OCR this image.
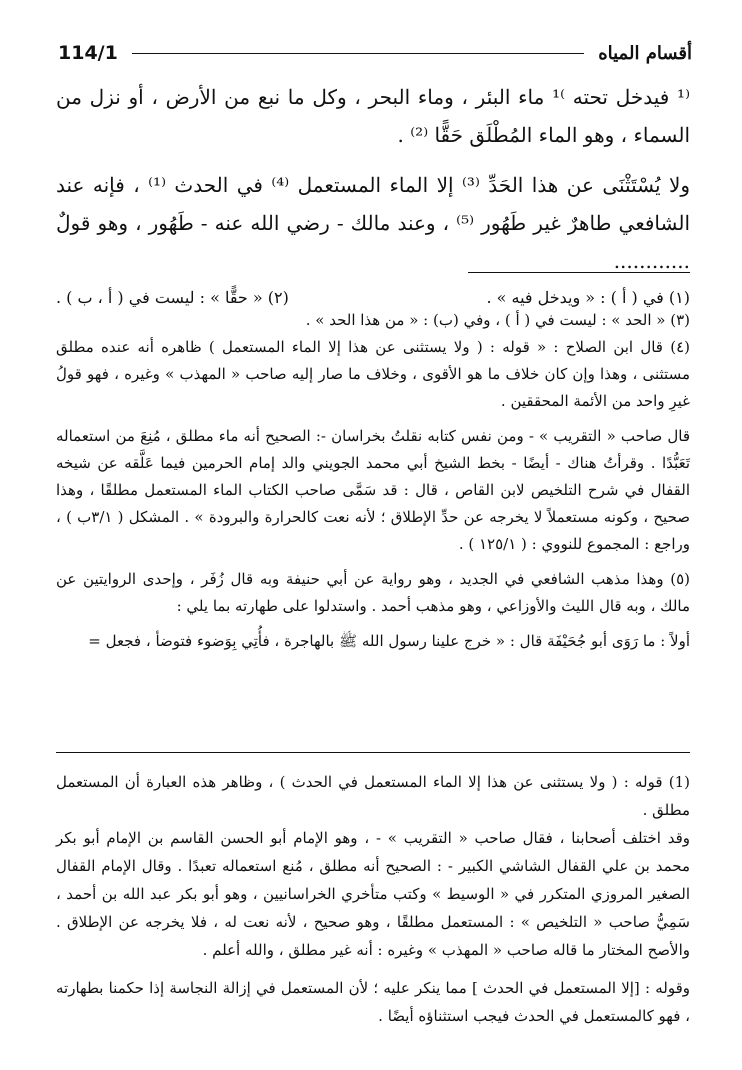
114/1	أقسام المياه

⁽¹ فيدخل تحته ⁾¹ ماء البئر ، وماء البحر ، وكل ما نبع من الأرض ، أو نزل من السماء ، وهو الماء المُطْلَق حَقًّا ⁽²⁾ .

ولا يُسْتَثْنَى عن هذا الحَدِّ ⁽³⁾ إلا الماء المستعمل ⁽⁴⁾ في الحدث ⁽¹⁾ ، فإنه عند الشافعي طاهرٌ غير طَهُور ⁽⁵⁾ ، وعند مالك - رضي الله عنه - طَهُور ، وهو قولٌ ............

(١) في ( أ ) : « ويدخل فيه » .
(٢) « حقًّا » : ليست في ( أ ، ب ) .

(٣) « الحد » : ليست في ( أ ) ، وفي (ب) : « من هذا الحد » .

(٤) قال ابن الصلاح : « قوله : ( ولا يستثنى عن هذا إلا الماء المستعمل ) ظاهره أنه عنده مطلق مستثنى ، وهذا وإن كان خلاف ما هو الأقوى ، وخلاف ما صار إليه صاحب « المهذب » وغيره ، فهو قولُ غيرِ واحد من الأئمة المحققين .

قال صاحب « التقريب » - ومن نفس كتابه نقلتُ بخراسان -: الصحيح أنه ماء مطلق ، مُنِعَ من استعماله تَعَبُّدًا . وقرأتُ هناك - أيضًا - بخط الشيخ أبي محمد الجويني والد إمام الحرمين فيما عَلَّقه عن شيخه القفال في شرح التلخيص لابن القاص ، قال : قد سَمَّى صاحب الكتاب الماء المستعمل مطلقًا ، وهذا صحيح ، وكونه مستعملاً لا يخرجه عن حدِّ الإطلاق ؛ لأنه نعت كالحرارة والبرودة » . المشكل ( ٣/١ب ) ، وراجع : المجموع للنووي : ( ١٢٥/١ ) .

(٥) وهذا مذهب الشافعي في الجديد ، وهو رواية عن أبي حنيفة وبه قال زُفَر ، وإحدى الروايتين عن مالك ، وبه قال الليث والأوزاعي ، وهو مذهب أحمد . واستدلوا على طهارته بما يلي :

أولاً : ما رَوَى أبو جُحَيْفَة قال : « خرج علينا رسول الله ﷺ بالهاجرة ، فأُتِي بِوَضوء فتوضأ ، فجعل =

(1) قوله : ( ولا يستثنى عن هذا إلا الماء المستعمل في الحدث ) ، وظاهر هذه العبارة أن المستعمل مطلق .

وقد اختلف أصحابنا ، فقال صاحب « التقريب » - ، وهو الإمام أبو الحسن القاسم بن الإمام أبو بكر محمد بن علي القفال الشاشي الكبير - : الصحيح أنه مطلق ، مُنع استعماله تعبدًا . وقال الإمام القفال الصغير المروزي المتكرر في « الوسيط » وكتب متأخري الخراسانيين ، وهو أبو بكر عبد الله بن أحمد ، سَمِيُّ صاحب « التلخيص » : المستعمل مطلقًا ، وهو صحيح ، لأنه نعت له ، فلا يخرجه عن الإطلاق . والأصح المختار ما قاله صاحب « المهذب » وغيره : أنه غير مطلق ، والله أعلم .

وقوله : [إلا المستعمل في الحدث ] مما ينكر عليه ؛ لأن المستعمل في إزالة النجاسة إذا حكمنا بطهارته ، فهو كالمستعمل في الحدث فيجب استثناؤه أيضًا .
